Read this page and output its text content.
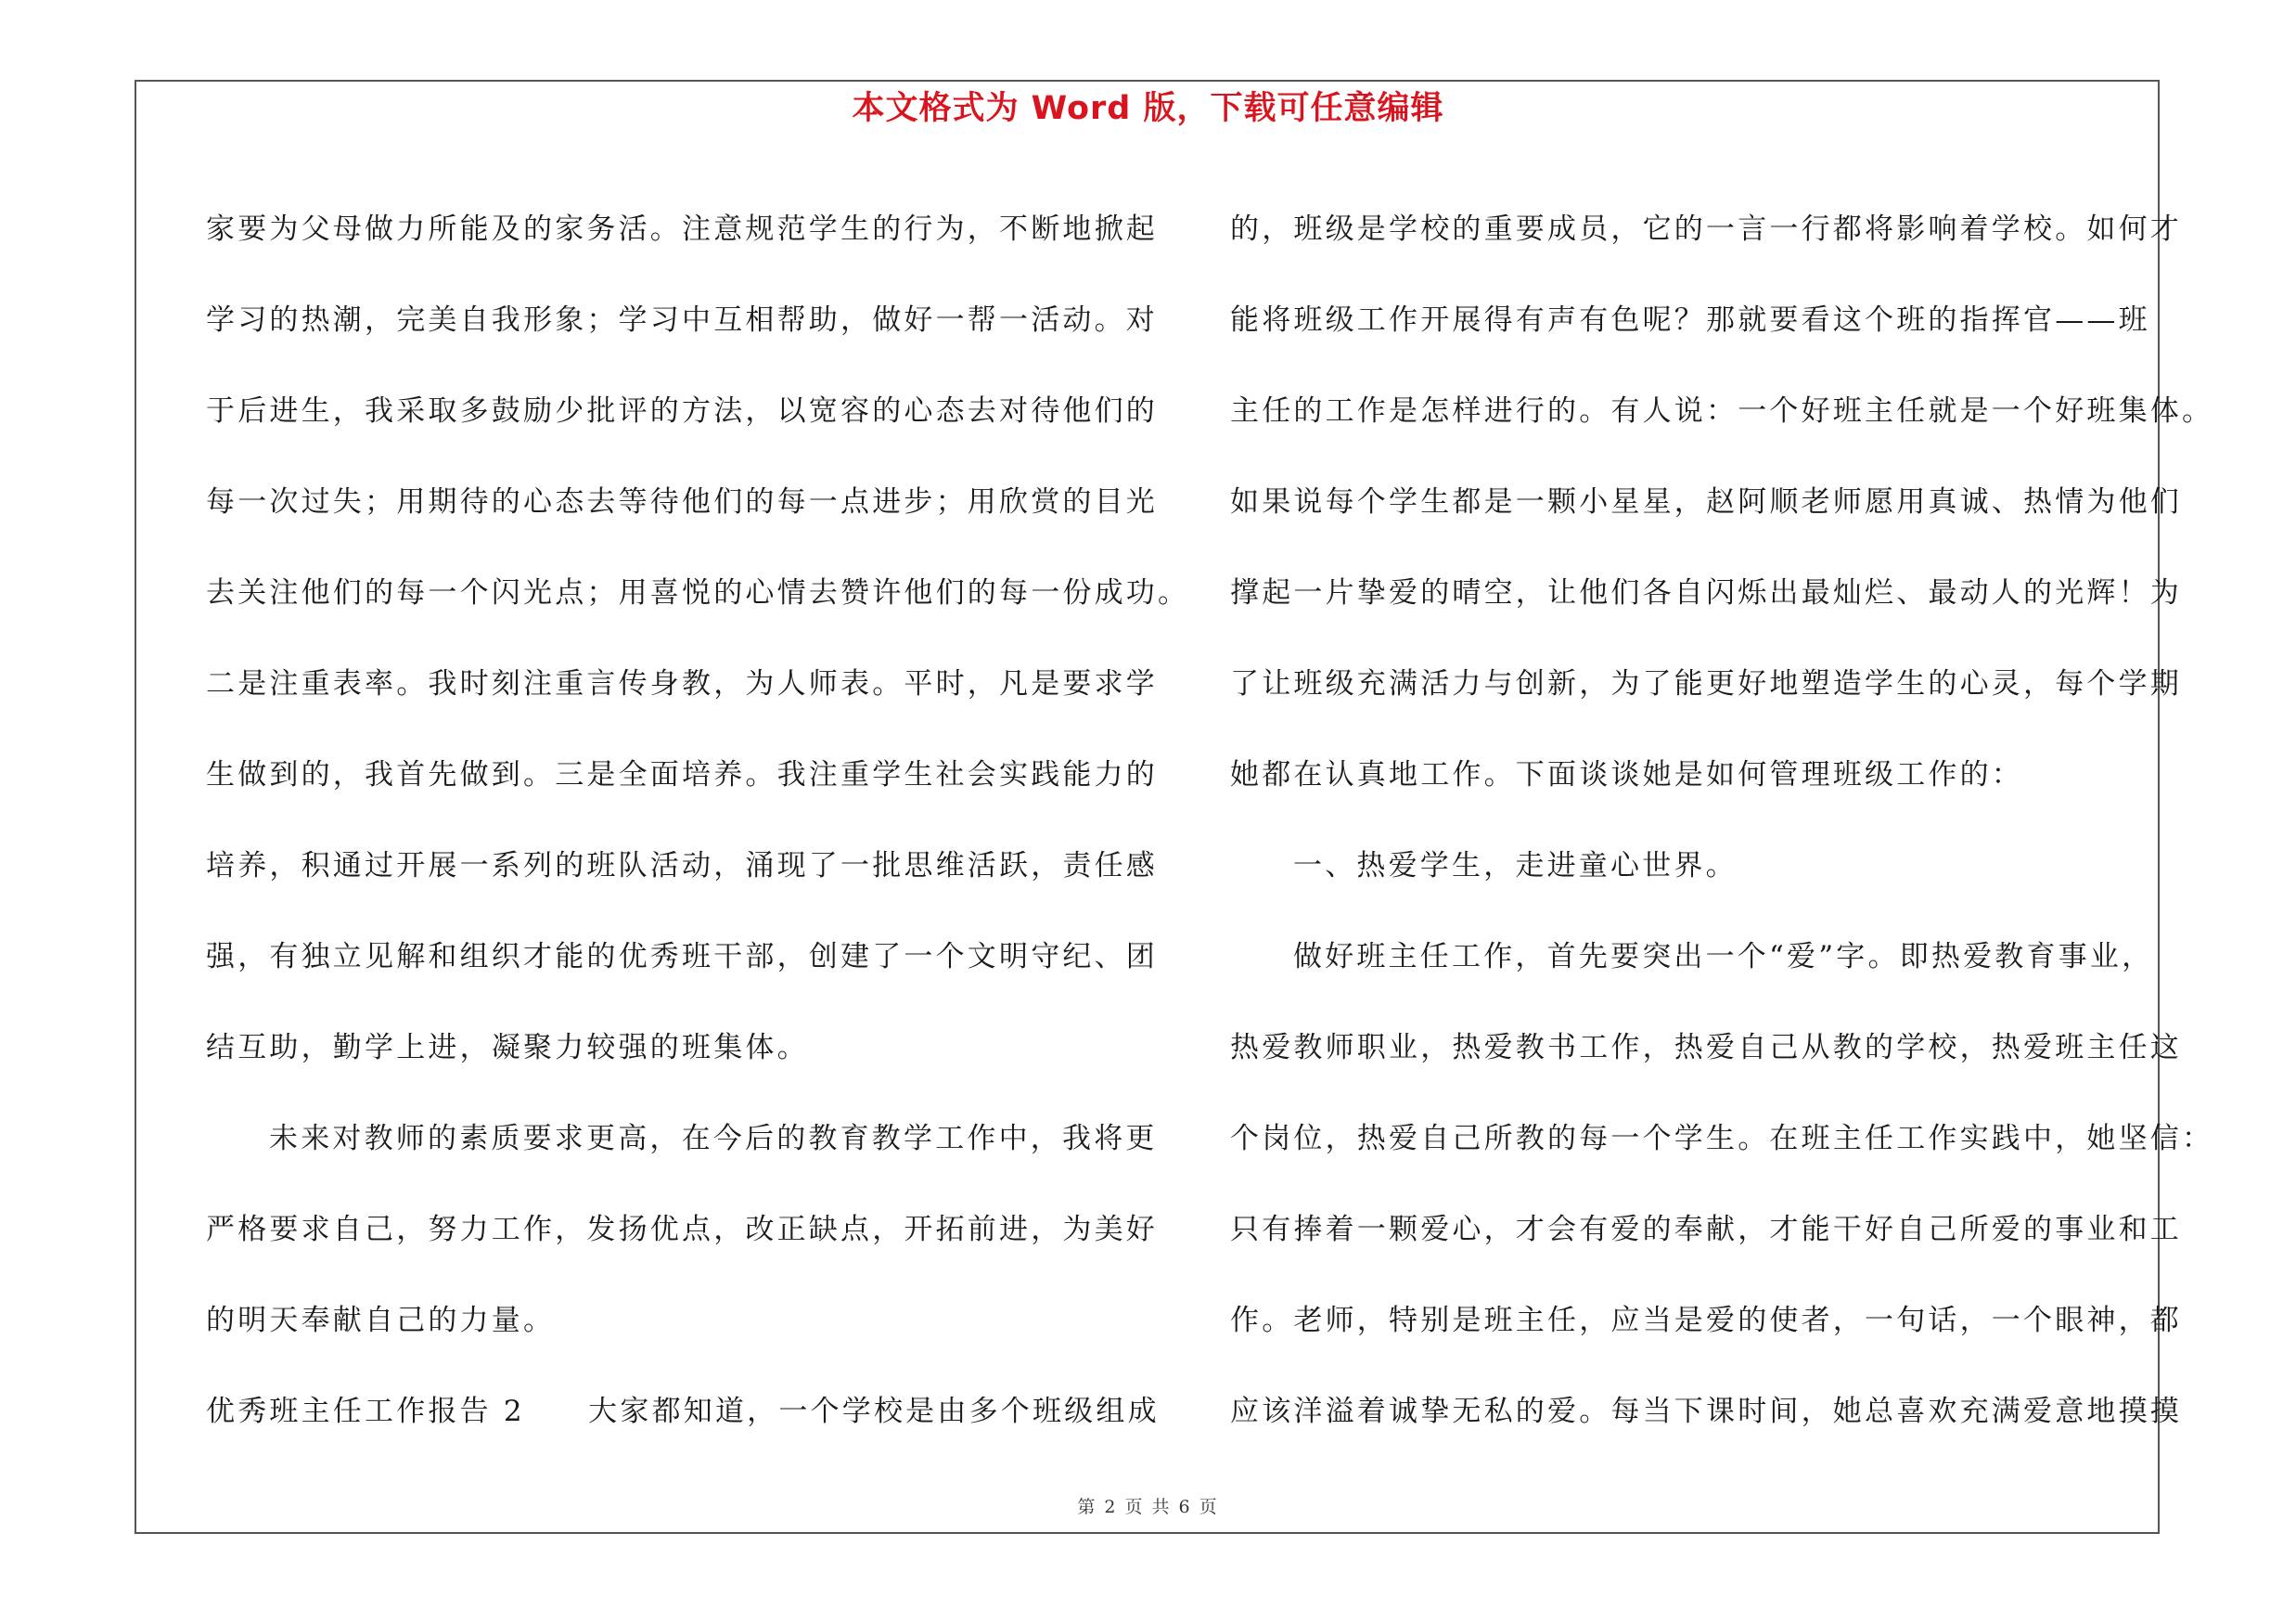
本文格式为 Word 版，下载可任意编辑
家要为父母做力所能及的家务活。注意规范学生的行为，不断地掀起
学习的热潮，完美自我形象；学习中互相帮助，做好一帮一活动。对
于后进生，我采取多鼓励少批评的方法，以宽容的心态去对待他们的
每一次过失；用期待的心态去等待他们的每一点进步；用欣赏的目光
去关注他们的每一个闪光点；用喜悦的心情去赞许他们的每一份成功。
二是注重表率。我时刻注重言传身教，为人师表。平时，凡是要求学
生做到的，我首先做到。三是全面培养。我注重学生社会实践能力的
培养，积通过开展一系列的班队活动，涌现了一批思维活跃，责任感
强，有独立见解和组织才能的优秀班干部，创建了一个文明守纪、团
结互助，勤学上进，凝聚力较强的班集体。
未来对教师的素质要求更高，在今后的教育教学工作中，我将更
严格要求自己，努力工作，发扬优点，改正缺点，开拓前进，为美好
的明天奉献自己的力量。
优秀班主任工作报告 2　　大家都知道，一个学校是由多个班级组成
的，班级是学校的重要成员，它的一言一行都将影响着学校。如何才
能将班级工作开展得有声有色呢？那就要看这个班的指挥官——班
主任的工作是怎样进行的。有人说：一个好班主任就是一个好班集体。
如果说每个学生都是一颗小星星，赵阿顺老师愿用真诚、热情为他们
撑起一片挚爱的晴空，让他们各自闪烁出最灿烂、最动人的光辉！为
了让班级充满活力与创新，为了能更好地塑造学生的心灵，每个学期
她都在认真地工作。下面谈谈她是如何管理班级工作的：
一、热爱学生，走进童心世界。
做好班主任工作，首先要突出一个“爱”字。即热爱教育事业，
热爱教师职业，热爱教书工作，热爱自己从教的学校，热爱班主任这
个岗位，热爱自己所教的每一个学生。在班主任工作实践中，她坚信：
只有捧着一颗爱心，才会有爱的奉献，才能干好自己所爱的事业和工
作。老师，特别是班主任，应当是爱的使者，一句话，一个眼神，都
应该洋溢着诚挚无私的爱。每当下课时间，她总喜欢充满爱意地摸摸
第 2 页 共 6 页
